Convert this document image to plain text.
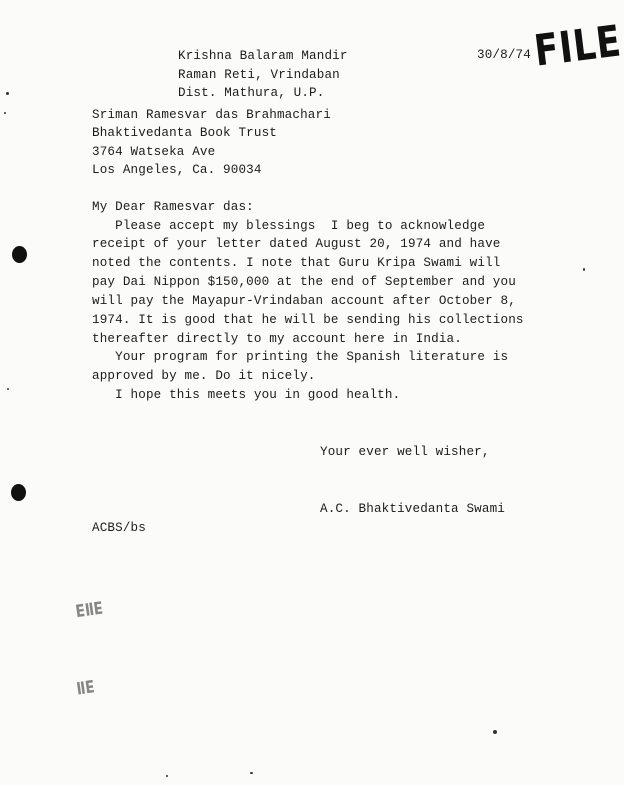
Krishna Balaram Mandir
Raman Reti, Vrindaban
Dist. Mathura, U.P.
30/8/74 FILE
Sriman Ramesvar das Brahmachari
Bhaktivedanta Book Trust
3764 Watseka Ave
Los Angeles, Ca. 90034
My Dear Ramesvar das:
Please accept my blessings  I beg to acknowledge
receipt of your letter dated August 20, 1974 and have
noted the contents. I note that Guru Kripa Swami will
pay Dai Nippon $150,000 at the end of September and you
will pay the Mayapur-Vrindaban account after October 8,
1974. It is good that he will be sending his collections
thereafter directly to my account here in India.
Your program for printing the Spanish literature is
approved by me. Do it nicely.
I hope this meets you in good health.
Your ever well wisher,
A.C. Bhaktivedanta Swami
ACBS/bs
ƎⅡ∃
ƎⅡ
